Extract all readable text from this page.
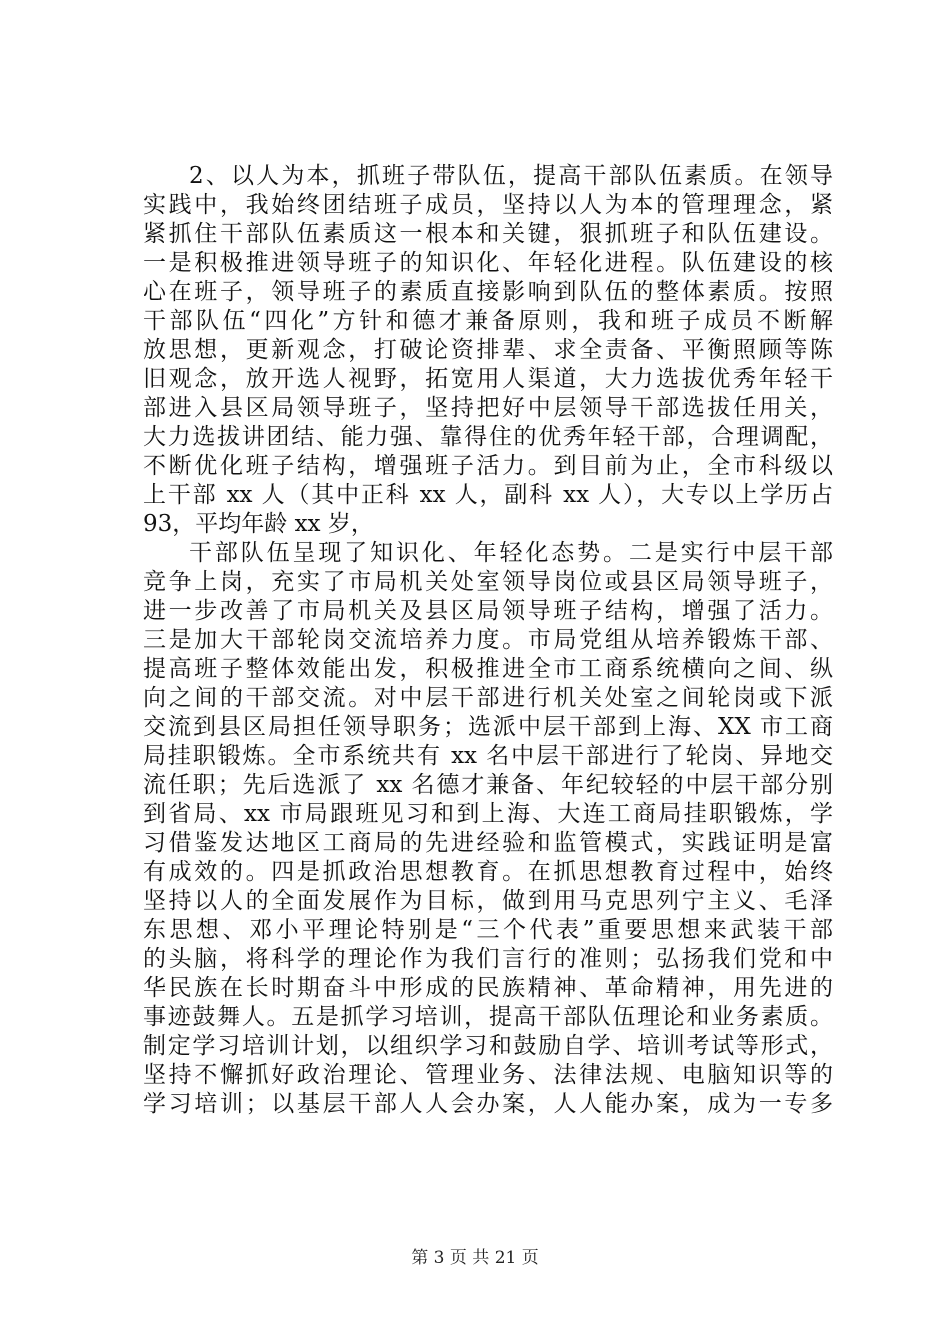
2、以人为本，抓班子带队伍，提高干部队伍素质。在领导
实践中，我始终团结班子成员，坚持以人为本的管理理念，紧
紧抓住干部队伍素质这一根本和关键，狠抓班子和队伍建设。
一是积极推进领导班子的知识化、年轻化进程。队伍建设的核
心在班子，领导班子的素质直接影响到队伍的整体素质。按照
干部队伍“四化”方针和德才兼备原则，我和班子成员不断解
放思想，更新观念，打破论资排辈、求全责备、平衡照顾等陈
旧观念，放开选人视野，拓宽用人渠道，大力选拔优秀年轻干
部进入县区局领导班子，坚持把好中层领导干部选拔任用关，
大力选拔讲团结、能力强、靠得住的优秀年轻干部，合理调配，
不断优化班子结构，增强班子活力。到目前为止，全市科级以
上干部 xx 人（其中正科 xx 人，副科 xx 人），大专以上学历占
93，平均年龄 xx 岁，
干部队伍呈现了知识化、年轻化态势。二是实行中层干部
竞争上岗，充实了市局机关处室领导岗位或县区局领导班子，
进一步改善了市局机关及县区局领导班子结构，增强了活力。
三是加大干部轮岗交流培养力度。市局党组从培养锻炼干部、
提高班子整体效能出发，积极推进全市工商系统横向之间、纵
向之间的干部交流。对中层干部进行机关处室之间轮岗或下派
交流到县区局担任领导职务；选派中层干部到上海、XX 市工商
局挂职锻炼。全市系统共有 xx 名中层干部进行了轮岗、异地交
流任职；先后选派了 xx 名德才兼备、年纪较轻的中层干部分别
到省局、xx 市局跟班见习和到上海、大连工商局挂职锻炼，学
习借鉴发达地区工商局的先进经验和监管模式，实践证明是富
有成效的。四是抓政治思想教育。在抓思想教育过程中，始终
坚持以人的全面发展作为目标，做到用马克思列宁主义、毛泽
东思想、邓小平理论特别是“三个代表”重要思想来武装干部
的头脑，将科学的理论作为我们言行的准则；弘扬我们党和中
华民族在长时期奋斗中形成的民族精神、革命精神，用先进的
事迹鼓舞人。五是抓学习培训，提高干部队伍理论和业务素质。
制定学习培训计划，以组织学习和鼓励自学、培训考试等形式，
坚持不懈抓好政治理论、管理业务、法律法规、电脑知识等的
学习培训；以基层干部人人会办案，人人能办案，成为一专多
第 3 页 共 21 页
